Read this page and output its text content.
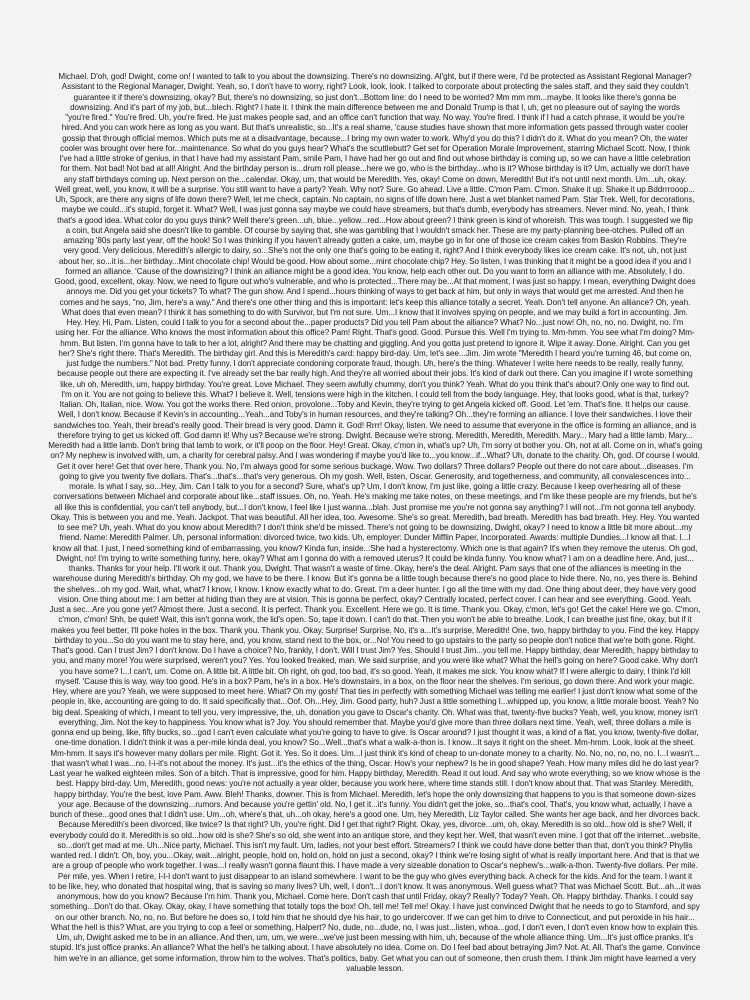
Michael. D'oh, god! Dwight, come on! I wanted to talk to you about the downsizing. There's no downsizing. Al'ght, but if there were, I'd be protected as Assistant Regional Manager?
Assistant to the Regional Manager, Dwight. Yeah, so, I don't have to worry, right? Look, look, look. I talked to corporate about protecting the sales staff, and they said they couldn't
guarantee it if there's downsizing, okay? But, there's no downsizing, so just don't...Bottom line: do I need to be worried? Mm mm mm...maybe. It looks like there's gonna be
downsizing. And it's part of my job, but...blech. Right? I hate it. I think the main difference between me and Donald Trump is that I, uh, get no pleasure out of saying the words
"you're fired." You're fired. Uh, you're fired. He just makes people sad, and an office can't function that way. No way. You're fired. I think if I had a catch phrase, it would be you're
hired. And you can work here as long as you want. But that's unrealistic, so...It's a real shame, 'cause studies have shown that more information gets passed through water cooler
gossip that through official memos. Which puts me at a disadvantage, because...I bring my own water to work. Why'd you do this? I didn't do it. What do you mean? Oh, the water
cooler was brought over here for...maintenance. So what do you guys hear? What's the scuttlebutt? Get set for Operation Morale Improvement, starring Michael Scott. Now, I think
I've had a little stroke of genius, in that I have had my assistant Pam, smile Pam, I have had her go out and find out whose birthday is coming up, so we can have a little celebration
for them. Not bad! Not bad at all! Alright. And the birthday person is...drum roll please...here we go, who is the birthday...who is it? Whose birthday is it? Um, actually we don't have
any staff birthdays coming up. Next person on the...calendar. Okay, um, that would be Meredith. Yes, okay! Come on down, Meredith! But it's not until next month. Um...uh, okay.
Well great, well, you know, it will be a surprise. You still want to have a party? Yeah. Why not? Sure. Go ahead. Live a little. C'mon Pam. C'mon. Shake it up. Shake it up.Bddrrrooop...
Uh, Spock, are there any signs of life down there? Well, let me check, captain. No captain, no signs of life down here. Just a wet blanket named Pam. Star Trek. Well, for decorations,
maybe we could...it's stupid, forget it. What? Well, I was just gonna say maybe we could have streamers, but that's dumb, everybody has streamers. Never mind. No, yeah, I think
that's a good idea. What color do you guys think? Well there's green...uh, blue...yellow...red...How about green? I think green is kind of whoreish. This was tough. I suggested we flip
a coin, but Angela said she doesn't like to gamble. Of course by saying that, she was gambling that I wouldn't smack her. These are my party-planning bee-otches. Pulled off an
amazing '80s party last year, off the hook! So I was thinking if you haven't already gotten a cake, um, maybe go in for one of those ice cream cakes from Baskin Robbins. They're
very good. Very delicious. Meredith's allergic to dairy, so...She's not the only one that's going to be eating it, right? And I think everybody likes ice cream cake. It's not, uh, not just
about her, so...it is...her birthday...Mint chocolate chip! Would be good. How about some...mint chocolate chip? Hey. So listen, I was thinking that it might be a good idea if you and I
formed an alliance. 'Cause of the downsizing? I think an alliance might be a good idea. You know, help each other out. Do you want to form an alliance with me. Absolutely, I do.
Good, good, excellent, okay. Now, we need to figure out who's vulnerable, and who is protected...There may be...At that moment, I was just so happy. I mean, everything Dwight does
annoys me. Did you get your tickets? To what? The gun show. And I spend...hours thinking of ways to get back at him, but only in ways that would get me arrested. And then he
comes and he says, "no, Jim, here's a way." And there's one other thing and this is important: let's keep this alliance totally a secret. Yeah. Don't tell anyone. An alliance? Oh, yeah.
What does that even mean? I think it has something to do with Survivor, but I'm not sure. Um...I know that it involves spying on people, and we may build a fort in accounting. Jim.
Hey. Hey. Hi, Pam. Listen, could I talk to you for a second about the...paper products? Did you tell Pam about the alliance? What? No...just now! Oh, no, no, no. Dwight, no. I'm
using her. For the alliance. Who knows the most information about this office? Pam! Right. That's good. Good. Pursue this. Well I'm trying to. Mm-hmm. You see what I'm doing? Mm-
hmm. But listen. I'm gonna have to talk to her a lot, alright? And there may be chatting and giggling. And you gotta just pretend to ignore it. Wipe it away. Done. Alright. Can you get
her? She's right there. That's Meredith. The birthday girl. And this is Meredith's card: happy bird-day. Um, let's see...Jim. Jim wrote "Meredith I heard you're turning 46, but come on,
just fudge the numbers." Not bad. Pretty funny. I don't appreciate condoning corporate fraud, though. Uh, here's the thing. Whatever I write here needs to be really, really funny,
because people out there are expecting it. I've already set the bar really high. And they're all worried about their jobs. It's kind of dark out there. Can you imagine if I wrote something
like, uh oh, Meredith, um, happy birthday. You're great. Love Michael. They seem awfully chummy, don't you think? Yeah. What do you think that's about? Only one way to find out.
I'm on it. You are not going to believe this. What? I believe it. Well, tensions were high in the kitchen. I could tell from the body language. Hey, that looks good, what is that, turkey?
Italian. Oh, Italian, nice. Wow. You got the works there. Red onion, provolone...Toby and Kevin, they're trying to get Angela kicked off. Good. Let 'em. That's fine. It helps our cause.
Well, I don't know. Because if Kevin's in accounting...Yeah...and Toby's in human resources, and they're talking? Oh...they're forming an alliance. I love their sandwiches. I love their
sandwiches too. Yeah, their bread's really good. Their bread is very good. Damn it. God! Rrrr! Okay, listen. We need to assume that everyone in the office is forming an alliance, and is
therefore trying to get us kicked off. God damn it! Why us? Because we're strong. Dwight. Because we're strong. Meredith, Meredith, Meredith. Mary... Mary had a little lamb. Mary...
Meredith had a little lamb. Don't bring that lamb to work, or it'll poop on the floor. Hey! Great. Okay, c'mon in, what's up? Uh, I'm sorry ot bother you. Oh, not at all. Come on in, what's going
on? My nephew is involved with, um, a charity for cerebral palsy. And I was wondering if maybe you'd like to...you know...if...What? Uh, donate to the charity. Oh, god. Of course I would.
Get it over here! Get that over here. Thank you. No, I'm always good for some serious buckage. Wow. Two dollars? Three dollars? People out there do not care about...diseases. I'm
going to give you twenty five dollars. That's...that's...that's very generous. Oh my gosh. Well, listen, Oscar. Generosity, and togetherness, and community, all convalescences into...
morale. Is what I say, so...Hey, Jim. Can I talk to you for a second? Sure, what's up? Um, I don't know, I'm just like, going a little crazy. Because I keep overhearing all of these
conversations between Michael and corporate about like...staff issues. Oh, no. Yeah. He's making me take notes, on these meetings, and I'm like these people are my friends, but he's
all like this is confidential, you can't tell anybody, but...I don't know, I feel like I just wanna...blah. Just promise me you're not gonna say anything? I will not...I'm not gonna tell anybody.
Okay. This is between you and me. Yeah. Jackpot. That was beautiful. All her idea, too. Awesome. She's so great. Meredith, bad breath. Meredith has bad breath. Hey. Hey. You wanted
to see me? Uh, yeah. What do you know about Meredith? I don't think she'd be missed. There's not going to be downsizing, Dwight, okay? I need to know a little bit more about...my
friend. Name: Meredith Palmer. Uh, personal information: divorced twice, two kids. Uh, employer: Dunder Mifflin Paper, Incorporated. Awards: multiple Dundies...I know all that. I...I
know all that. I just, I need something kind of embarrassing, you know? Kinda fun, inside...She had a hysterectomy. Which one is that again? It's when they remove the uterus. Oh god,
Dwight, no! I'm trying to write something funny, here, okay? What am I gonna do with a removed uterus? It could be kinda funny. You know what? I am on a deadline here. And, just...
thanks. Thanks for your help. I'll work it out. Thank you, Dwight. That wasn't a waste of time. Okay, here's the deal. Alright. Pam says that one of the alliances is meeting in the
warehouse during Meredith's birthday. Oh my god, we have to be there. I know. But it's gonna be a little tough because there's no good place to hide there. No, no, yes there is. Behind
the shelves...oh my god. Wait, what, what? I know, I know. I know exactly what to do. Great. I'm a deer hunter. I go all the time with my dad. One thing about deer, they have very good
vision. One thing about me: I am better at hiding than they are at vision. This is gonna be perfect, okay? Centrally located, perfect cover. I can hear and see everything. Good. Yeah.
Just a sec...Are you gone yet? Almost there. Just a second. It is perfect. Thank you. Excellent. Here we go. It is time. Thank you. Okay, c'mon, let's go! Get the cake! Here we go. C'mon,
c'mon, c'mon! Shh, be quiet! Wait, this isn't gonna work, the lid's open. So, tape it down. I can't do that. Then you won't be able to breathe. Look, I can breathe just fine, okay, but if it
makes you feel better, I'll poke holes in the box. Thank you. Thank you. Okay. Surprise! Surprise. No, it's a...It's surprise, Meredith! One, two, happy birthday to you. Find the key. Happy
birthday to you...So do you want me to stay here, and, you know, stand next to the box, or...No! You need to go upstairs to the party so people don't notice that we're both gone. Right.
That's good. Can I trust Jim? I don't know. Do I have a choice? No, frankly, I don't. Will I trust Jim? Yes. Should I trust Jim...you tell me. Happy birthday, dear Meredith, happy birthday to
you, and many more! You were surprised, weren't you? Yes. You looked freaked, man. We said surprise, and you were like what? What the hell's going on here? Good cake. Why don't
you have some? I...I can't, um. Come on. A little bit. A little bit. Oh right, oh god, too bad, it's so good. Yeah, it makes me sick. You know what? If I were allergic to dairy, I think I'd kill
myself. 'Cause this is way, way too good. He's in a box? Pam, he's in a box. He's downstairs, in a box, on the floor near the shelves. I'm serious, go down there. And work your magic.
Hey, where are you? Yeah, we were supposed to meet here. What? Oh my gosh! That ties in perfectly with something Michael was telling me earlier! I just don't know what some of the
people in, like, accounting are going to do. It said specifically that...Oof. Oh...Hey, Jim. Good party, huh? Just a little something I...whipped up, you know, a little morale boost. Yeah? No
big deal. Speaking of which, I meant to tell you, very impressive, the, uh, donation you gave to Oscar's charity. Oh. What was that, twenty-five bucks? Yeah, well, you know, money isn't
everything, Jim. Not the key to happiness. You know what is? Joy. You should remember that. Maybe you'd give more than three dollars next time. Yeah, well, three dollars a mile is
gonna end up being, like, fifty bucks, so...god I can't even calculate what you're going to have to give. Is Oscar around? I just thought it was, a kind of a flat, you know, twenty-five dollar,
one-time donation. I didn't think it was a per-mile kinda deal, you know? So...Well...that's what a walk-a-thon is. I know...It says it right on the sheet. Mm-hmm. Look, look at the sheet.
Mm-hmm. It says it's however many dollars per mile. Right. Got it. Yes. So it does. Um...I just think it's kind of cheap to un-donate money to a charity. No. No, no, no, no, no. I...I wasn't...
that wasn't what I was...no. I-i-it's not about the money. It's just...it's the ethics of the thing, Oscar. How's your nephew? Is he in good shape? Yeah. How many miles did he do last year?
Last year he walked eighteen miles. Son of a bitch. That is impressive, good for him. Happy birthday, Meredith. Read it out loud. And say who wrote everything, so we know whose is the
best. Happy bird-day. Um, Meredith, good news: you're not actually a year older, because you work here, where time stands still. I don't know about that. That was Stanley. Meredith,
happy birthday. You're the best, love Pam. Aww. Bleh! Thanks, downer. This is from Michael. Meredith, let's hope the only downsizing that happens to you is that someone down-sizes
your age. Because of the downsizing...rumors. And because you're gettin' old. No, I get it...it's funny. You didn't get the joke, so...that's cool. That's, you know what, actually, I have a
bunch of these...good ones that I didn't use. Um...oh, where's that, uh...oh okay, here's a good one. Um, hey Meredith, Liz Taylor called. She wants her age back, and her divorces back.
Because Meredith's been divorced, like twice? Is that right? Uh, you're right. Did I get that right? Right. Okay, yes, divorce...um, oh, okay. Meredith is so old...how old is she? Well, if
everybody could do it. Meredith is so old...how old is she? She's so old, she went into an antique store, and they kept her. Well, that wasn't even mine. I got that off the internet...website,
so...don't get mad at me. Uh...Nice party, Michael. This isn't my fault. Um, ladies, not your best effort. Streamers? I think we could have done better than that, don't you think? Phyllis
wanted red. I didn't. Oh, boy, you...Okay, wait...alright, people, hold on, hold on, hold on just a second, okay? I think we're losing sight of what is really important here. And that is that we
are a group of people who work together. I was...I really wasn't gonna flaunt this. I have made a very sizeable donation to Oscar's nephew's...walk-a-thon. Twenty-five dollars. Per mile.
Per mile, yes. When I retire, I-I-I don't want to just disappear to an island somewhere. I want to be the guy who gives everything back. A check for the kids. And for the team. I want it
to be like, hey, who donated that hospital wing, that is saving so many lives? Uh, well, I don't...I don't know. It was anonymous. Well guess what? That was Michael Scott. But...ah...it was
anonymous, how do you know? Because I'm him. Thank you, Michael. Come here. Don't cash that until Friday, okay? Really? Today? Yeah. Oh. Happy birthday. Thanks. I could say
something...Don't do that. Okay. Okay, okay, I have something that totally tops the box! Oh, tell me! Tell me! Okay. I have just convinced Dwight that he needs to go to Stamford, and spy
on our other branch. No, no, no. But before he does so, I told him that he should dye his hair, to go undercover. If we can get him to drive to Connecticut, and put peroxide in his hair...
What the hell is this? What, are you trying to cop a feel or something, Halpert? No, dude, no...dude, no, I was just...listen, whoa...god, I don't even, I don't even know how to explain this.
Um, uh, Dwight asked me to be in an alliance. And then, um, um, we were...we've just been messing with him, uh, because of the whole alliance thing. Um...It's just office pranks. It's
stupid. It's just office pranks. An alliance? What the hell's he talking about. I have absolutely no idea. Come on. Do I feel bad about betraying Jim? Not. At. All. That's the game. Convince
him we're in an alliance, get some information, throw him to the wolves. That's politics, baby. Get what you can out of someone, then crush them. I think Jim might have learned a very
valuable lesson.
